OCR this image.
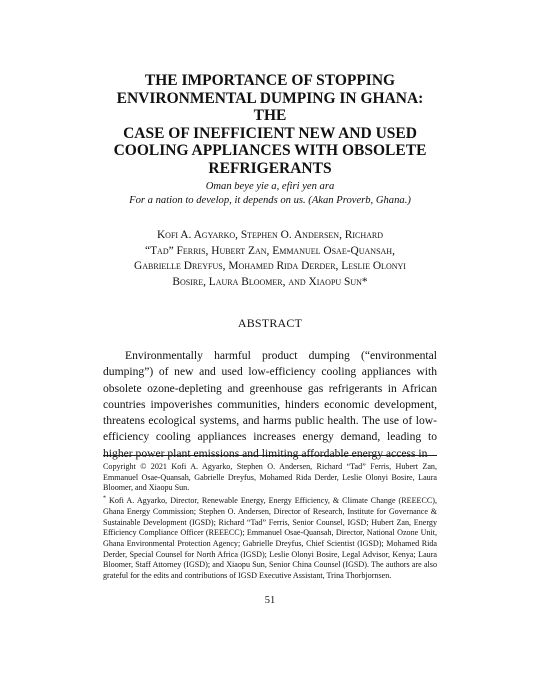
THE IMPORTANCE OF STOPPING
ENVIRONMENTAL DUMPING IN GHANA: THE
CASE OF INEFFICIENT NEW AND USED
COOLING APPLIANCES WITH OBSOLETE
REFRIGERANTS
Oman beye yie a, efiri yen ara
For a nation to develop, it depends on us. (Akan Proverb, Ghana.)
Kofi A. Agyarko, Stephen O. Andersen, Richard
“Tad” Ferris, Hubert Zan, Emmanuel Osae-Quansah,
Gabrielle Dreyfus, Mohamed Rida Derder, Leslie Olonyi
Bosire, Laura Bloomer, and Xiaopu Sun*
ABSTRACT

Environmentally harmful product dumping (“environmental dumping”) of new and used low-efficiency cooling appliances with obsolete ozone-depleting and greenhouse gas refrigerants in African countries impoverishes communities, hinders economic development, threatens ecological systems, and harms public health. The use of low-efficiency cooling appliances increases energy demand, leading to higher power plant emissions and limiting affordable energy access in

Copyright © 2021 Kofi A. Agyarko, Stephen O. Andersen, Richard “Tad” Ferris, Hubert Zan, Emmanuel Osae-Quansah, Gabrielle Dreyfus, Mohamed Rida Derder, Leslie Olonyi Bosire, Laura Bloomer, and Xiaopu Sun.

* Kofi A. Agyarko, Director, Renewable Energy, Energy Efficiency, & Climate Change (REEECC), Ghana Energy Commission; Stephen O. Andersen, Director of Research, Institute for Governance & Sustainable Development (IGSD); Richard “Tad” Ferris, Senior Counsel, IGSD; Hubert Zan, Energy Efficiency Compliance Officer (REEECC); Emmanuel Osae-Quansah, Director, National Ozone Unit, Ghana Environmental Protection Agency; Gabrielle Dreyfus, Chief Scientist (IGSD); Mohamed Rida Derder, Special Counsel for North Africa (IGSD); Leslie Olonyi Bosire, Legal Advisor, Kenya; Laura Bloomer, Staff Attorney (IGSD); and Xiaopu Sun, Senior China Counsel (IGSD). The authors are also grateful for the edits and contributions of IGSD Executive Assistant, Trina Thorbjornsen.

51
